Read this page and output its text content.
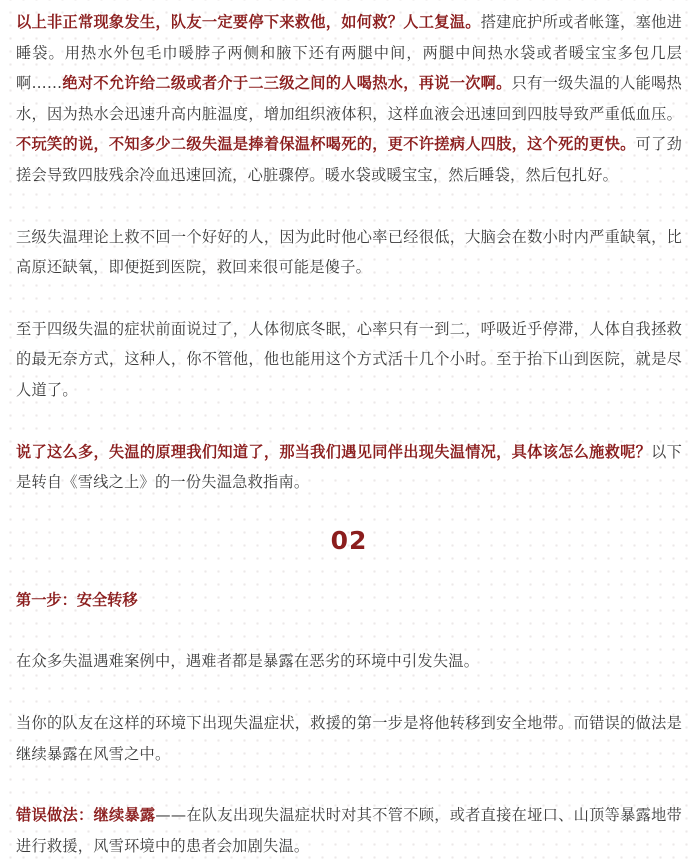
以上非正常现象发生，队友一定要停下来救他，如何救？人工复温。搭建庇护所或者帐篷，塞他进睡袋。用热水外包毛巾暖脖子两侧和腋下还有两腿中间，两腿中间热水袋或者暖宝宝多包几层啊……绝对不允许给二级或者介于二三级之间的人喝热水，再说一次啊。只有一级失温的人能喝热水，因为热水会迅速升高内脏温度，增加组织液体积，这样血液会迅速回到四肢导致严重低血压。不玩笑的说，不知多少二级失温是捧着保温杯喝死的，更不许搓病人四肢，这个死的更快。可了劲搓会导致四肢残余冷血迅速回流，心脏骤停。暖水袋或暖宝宝，然后睡袋，然后包扎好。

三级失温理论上救不回一个好好的人，因为此时他心率已经很低，大脑会在数小时内严重缺氧，比高原还缺氧，即便挺到医院，救回来很可能是傻子。

至于四级失温的症状前面说过了，人体彻底冬眠，心率只有一到二，呼吸近乎停滞，人体自我拯救的最无奈方式，这种人，你不管他，他也能用这个方式活十几个小时。至于抬下山到医院，就是尽人道了。

说了这么多，失温的原理我们知道了，那当我们遇见同伴出现失温情况，具体该怎么施救呢？以下是转自《雪线之上》的一份失温急救指南。

02

第一步：安全转移

在众多失温遇难案例中，遇难者都是暴露在恶劣的环境中引发失温。

当你的队友在这样的环境下出现失温症状，救援的第一步是将他转移到安全地带。而错误的做法是继续暴露在风雪之中。

错误做法：继续暴露——在队友出现失温症状时对其不管不顾，或者直接在垭口、山顶等暴露地带进行救援，风雪环境中的患者会加剧失温。
